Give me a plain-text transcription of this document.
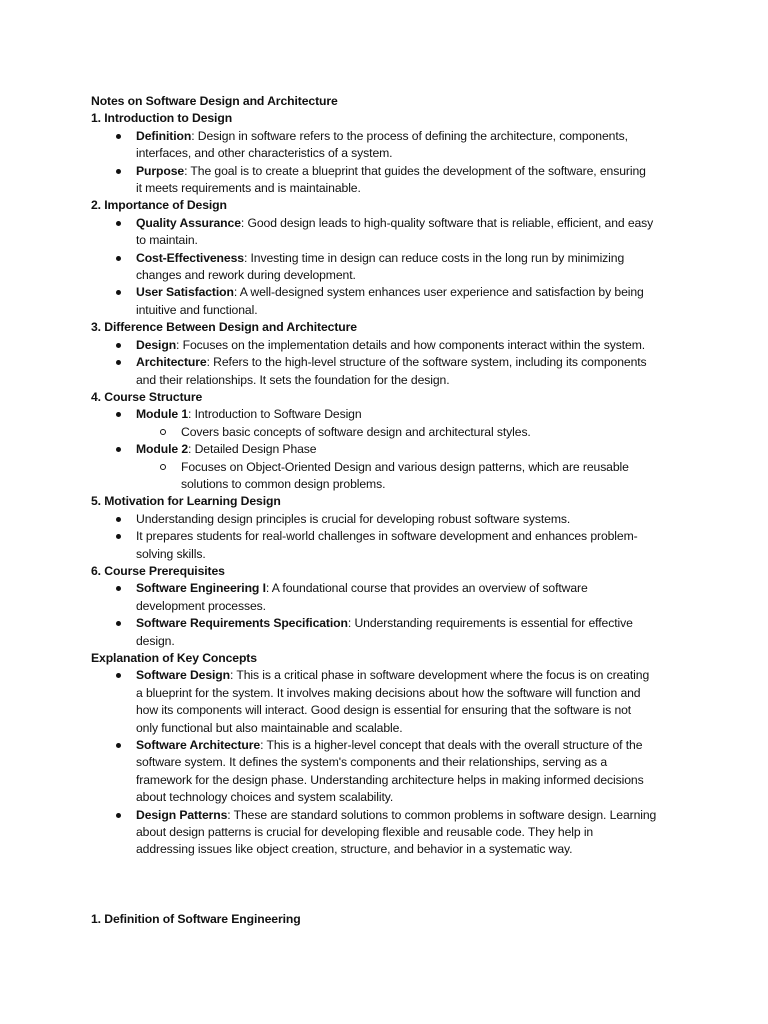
Notes on Software Design and Architecture
1. Introduction to Design
Definition: Design in software refers to the process of defining the architecture, components,
interfaces, and other characteristics of a system.
Purpose: The goal is to create a blueprint that guides the development of the software, ensuring
it meets requirements and is maintainable.
2. Importance of Design
Quality Assurance: Good design leads to high-quality software that is reliable, efficient, and easy
to maintain.
Cost-Effectiveness: Investing time in design can reduce costs in the long run by minimizing
changes and rework during development.
User Satisfaction: A well-designed system enhances user experience and satisfaction by being
intuitive and functional.
3. Difference Between Design and Architecture
Design: Focuses on the implementation details and how components interact within the system.
Architecture: Refers to the high-level structure of the software system, including its components
and their relationships. It sets the foundation for the design.
4. Course Structure
Module 1: Introduction to Software Design
Covers basic concepts of software design and architectural styles.
Module 2: Detailed Design Phase
Focuses on Object-Oriented Design and various design patterns, which are reusable
solutions to common design problems.
5. Motivation for Learning Design
Understanding design principles is crucial for developing robust software systems.
It prepares students for real-world challenges in software development and enhances problem-
solving skills.
6. Course Prerequisites
Software Engineering I: A foundational course that provides an overview of software
development processes.
Software Requirements Specification: Understanding requirements is essential for effective
design.
Explanation of Key Concepts
Software Design: This is a critical phase in software development where the focus is on creating
a blueprint for the system. It involves making decisions about how the software will function and
how its components will interact. Good design is essential for ensuring that the software is not
only functional but also maintainable and scalable.
Software Architecture: This is a higher-level concept that deals with the overall structure of the
software system. It defines the system's components and their relationships, serving as a
framework for the design phase. Understanding architecture helps in making informed decisions
about technology choices and system scalability.
Design Patterns: These are standard solutions to common problems in software design. Learning
about design patterns is crucial for developing flexible and reusable code. They help in
addressing issues like object creation, structure, and behavior in a systematic way.
1. Definition of Software Engineering
